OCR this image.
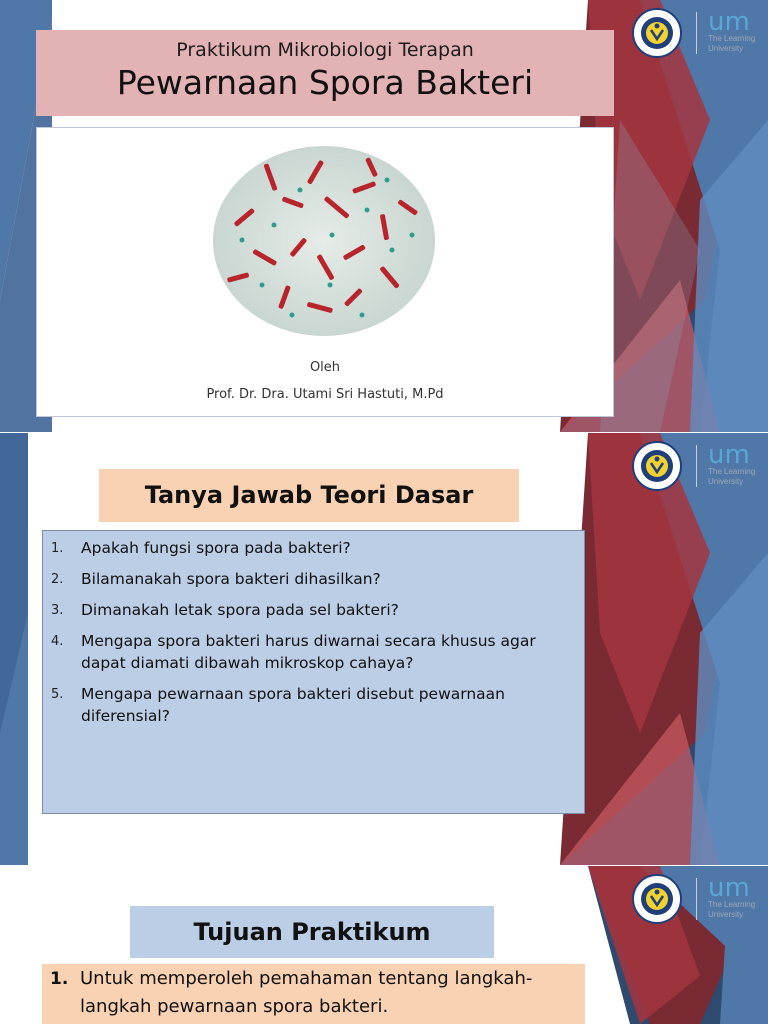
um
The Learning
University
Praktikum Mikrobiologi Terapan
Pewarnaan Spora Bakteri
Oleh
Prof. Dr. Dra. Utami Sri Hastuti, M.Pd
um
The Learning
University
Tanya Jawab Teori Dasar
1. Apakah fungsi spora pada bakteri?
2. Bilamanakah spora bakteri dihasilkan?
3. Dimanakah letak spora pada sel bakteri?
4. Mengapa spora bakteri harus diwarnai secara khusus agar dapat diamati dibawah mikroskop cahaya?
5. Mengapa pewarnaan spora bakteri disebut pewarnaan diferensial?
um
The Learning
University
Tujuan Praktikum
1. Untuk memperoleh pemahaman tentang langkah-langkah pewarnaan spora bakteri.
